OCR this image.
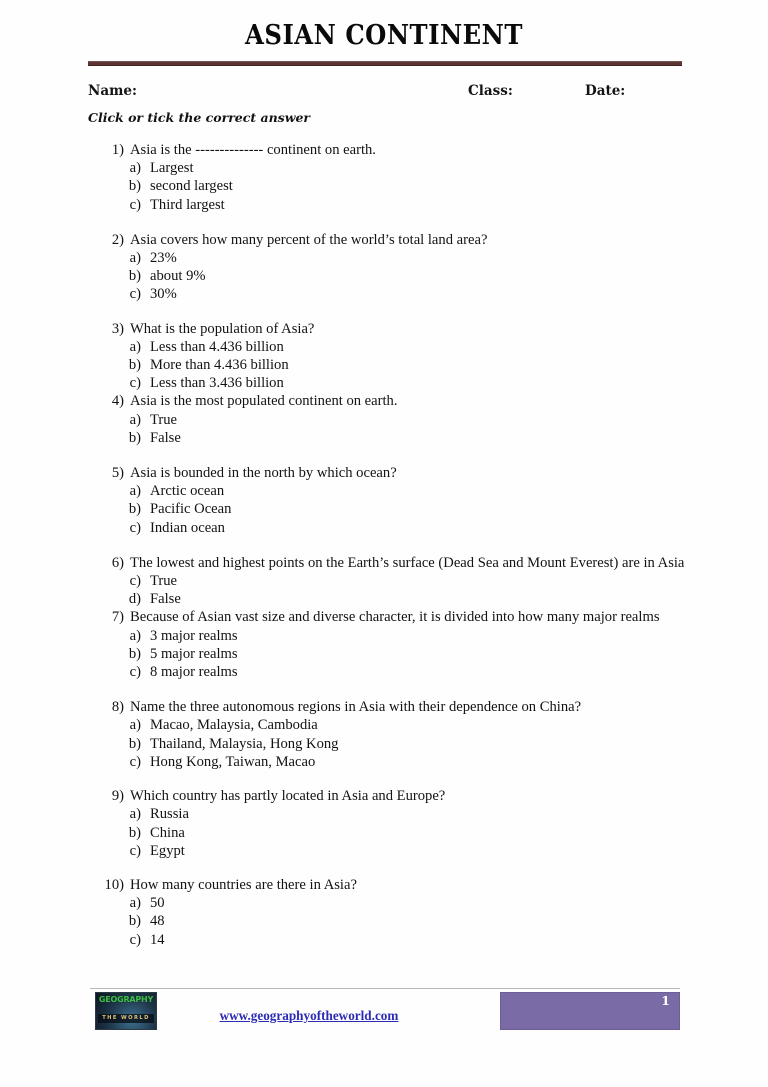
ASIAN CONTINENT
Name:	Class:	Date:
Click or tick the correct answer
1) Asia is the -------------- continent on earth.
a) Largest
b) second largest
c) Third largest
2) Asia covers how many percent of the world’s total land area?
a) 23%
b) about 9%
c) 30%
3) What is the population of Asia?
a) Less than 4.436 billion
b) More than 4.436 billion
c) Less than 3.436 billion
4) Asia is the most populated continent on earth.
a) True
b) False
5) Asia is bounded in the north by which ocean?
a) Arctic ocean
b) Pacific Ocean
c) Indian ocean
6) The lowest and highest points on the Earth’s surface (Dead Sea and Mount Everest) are in Asia
c) True
d) False
7) Because of Asian vast size and diverse character, it is divided into how many major realms
a) 3 major realms
b) 5 major realms
c) 8 major realms
8) Name the three autonomous regions in Asia with their dependence on China?
a) Macao, Malaysia, Cambodia
b) Thailand, Malaysia, Hong Kong
c) Hong Kong, Taiwan, Macao
9) Which country has partly located in Asia and Europe?
a) Russia
b) China
c) Egypt
10) How many countries are there in Asia?
a) 50
b) 48
c) 14
GEOGRAPHY
THE WORLD	www.geographyoftheworld.com
1
